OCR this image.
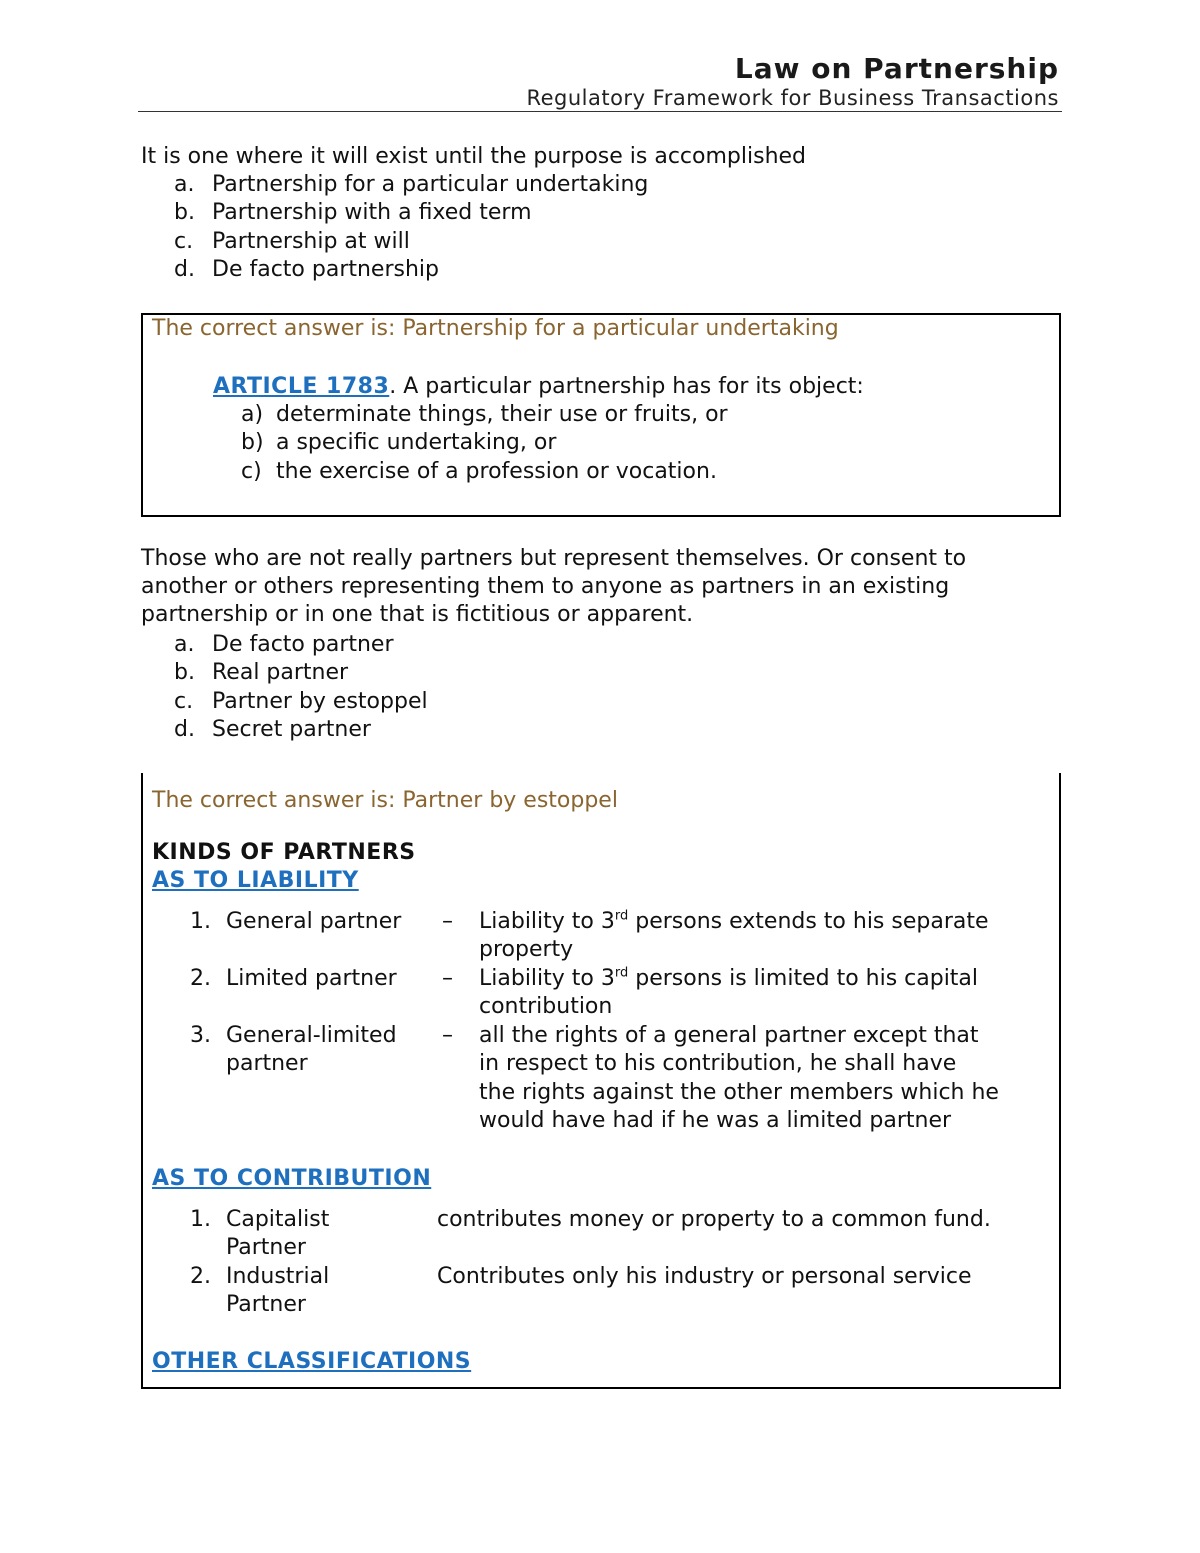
Law on Partnership
Regulatory Framework for Business Transactions
It is one where it will exist until the purpose is accomplished
a. Partnership for a particular undertaking
b. Partnership with a fixed term
c. Partnership at will
d. De facto partnership
The correct answer is: Partnership for a particular undertaking
ARTICLE 1783. A particular partnership has for its object:
a) determinate things, their use or fruits, or
b) a specific undertaking, or
c) the exercise of a profession or vocation.
Those who are not really partners but represent themselves. Or consent to
another or others representing them to anyone as partners in an existing
partnership or in one that is fictitious or apparent.
a. De facto partner
b. Real partner
c. Partner by estoppel
d. Secret partner
The correct answer is: Partner by estoppel
KINDS OF PARTNERS
AS TO LIABILITY
1. General partner – Liability to 3rd persons extends to his separate
property
2. Limited partner – Liability to 3rd persons is limited to his capital
contribution
3. General-limited
partner
– all the rights of a general partner except that
in respect to his contribution, he shall have
the rights against the other members which he
would have had if he was a limited partner
AS TO CONTRIBUTION
1. Capitalist
Partner
contributes money or property to a common fund.
2. Industrial
Partner
Contributes only his industry or personal service
OTHER CLASSIFICATIONS
